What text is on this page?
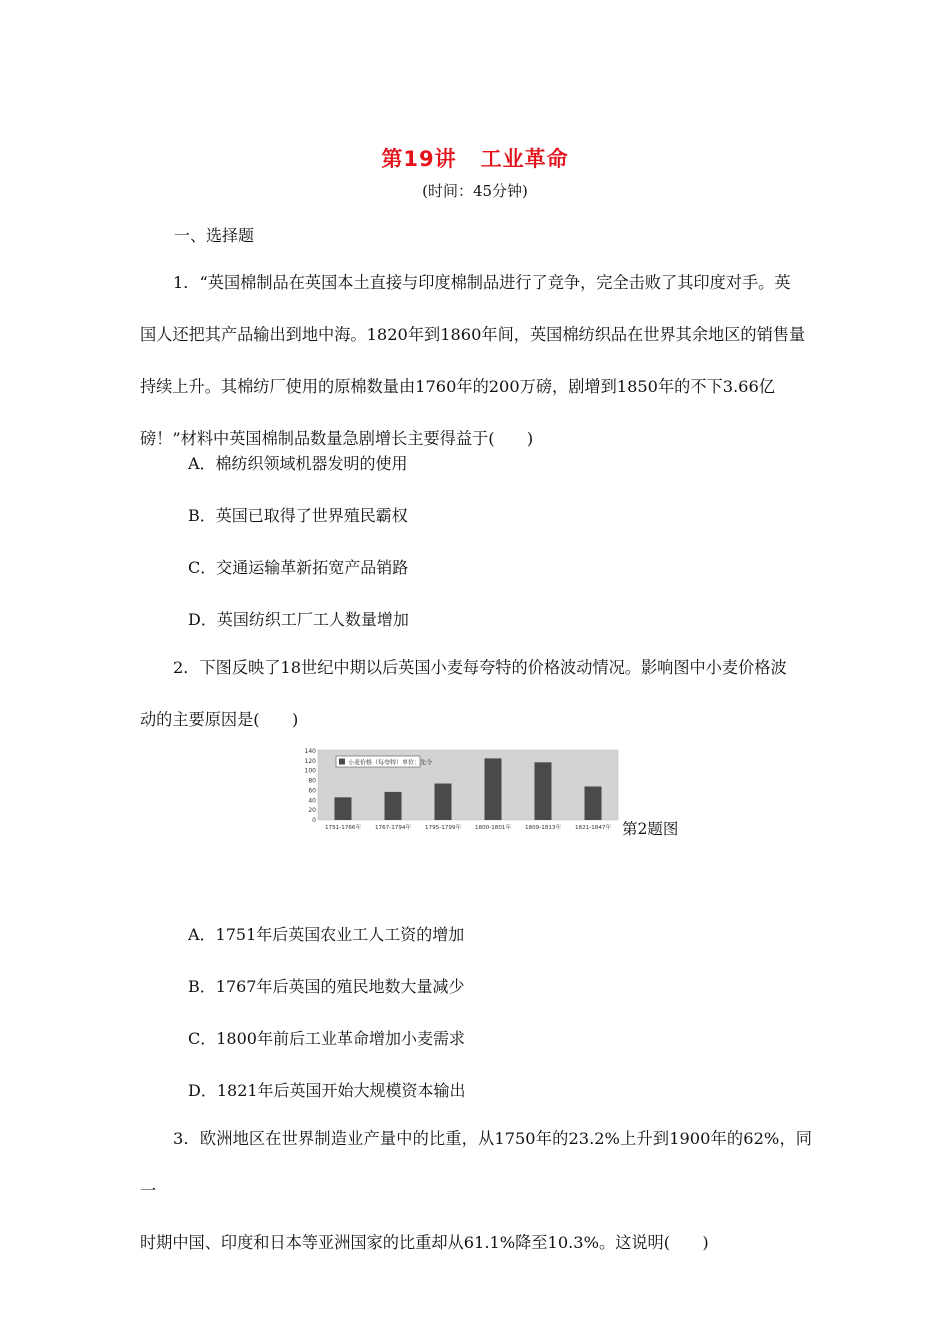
第19讲 工业革命
(时间：45分钟)
一、选择题
1．“英国棉制品在英国本土直接与印度棉制品进行了竞争，完全击败了其印度对手。英
国人还把其产品输出到地中海。1820年到1860年间，英国棉纺织品在世界其余地区的销售量
持续上升。其棉纺厂使用的原棉数量由1760年的200万磅，剧增到1850年的不下3.66亿
磅！”材料中英国棉制品数量急剧增长主要得益于(　　)
A．棉纺织领域机器发明的使用
B．英国已取得了世界殖民霸权
C．交通运输革新拓宽产品销路
D．英国纺织工厂工人数量增加
2．下图反映了18世纪中期以后英国小麦每夸特的价格波动情况。影响图中小麦价格波
动的主要原因是(　　)
0
20
40
60
80
100
120
140
1751-1766年 1767-1794年 1795-1799年 1800-1801年 1809-1813年 1821-1847年
小麦价格（每夸特）单位：先令
第2题图
A．1751年后英国农业工人工资的增加
B．1767年后英国的殖民地数大量减少
C．1800年前后工业革命增加小麦需求
D．1821年后英国开始大规模资本输出
3．欧洲地区在世界制造业产量中的比重，从1750年的23.2%上升到1900年的62%，同一
时期中国、印度和日本等亚洲国家的比重却从61.1%降至10.3%。这说明(　　)
